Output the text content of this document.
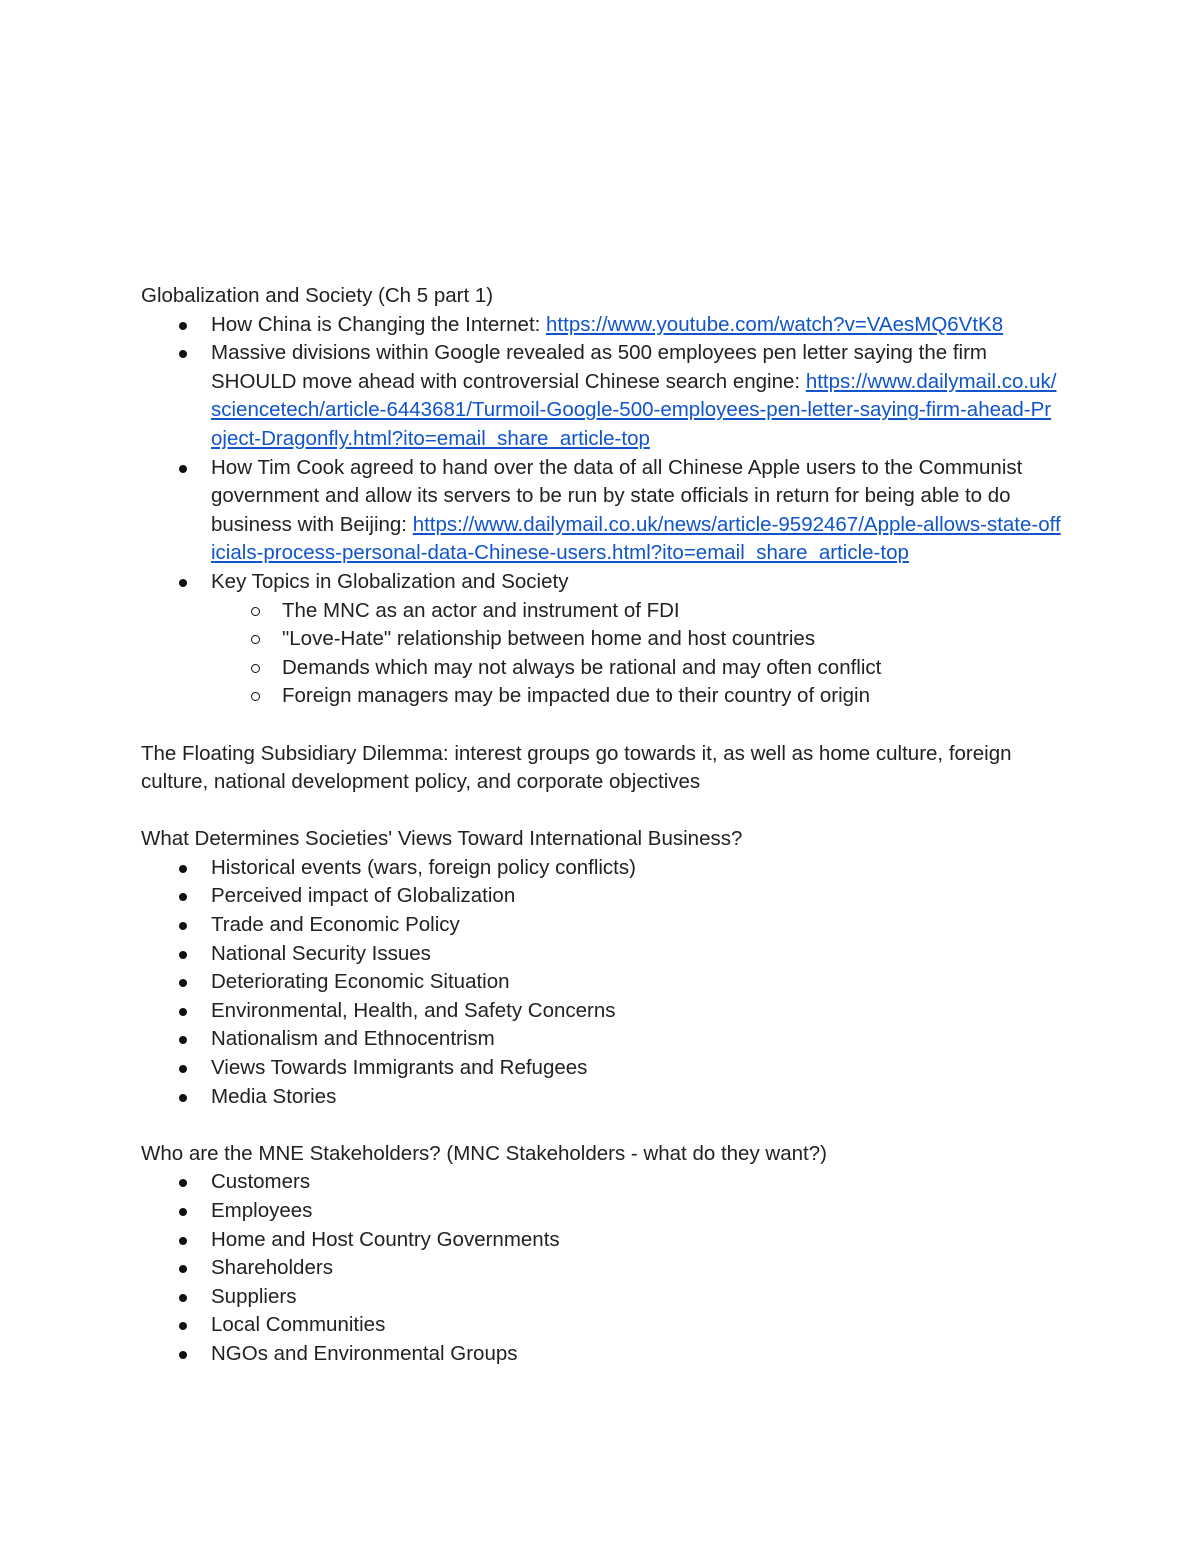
Globalization and Society (Ch 5 part 1)

How China is Changing the Internet: https://www.youtube.com/watch?v=VAesMQ6VtK8
Massive divisions within Google revealed as 500 employees pen letter saying the firm SHOULD move ahead with controversial Chinese search engine: https://www.dailymail.co.uk/sciencetech/article-6443681/Turmoil-Google-500-employees-pen-letter-saying-firm-ahead-Project-Dragonfly.html?ito=email_share_article-top
How Tim Cook agreed to hand over the data of all Chinese Apple users to the Communist government and allow its servers to be run by state officials in return for being able to do business with Beijing: https://www.dailymail.co.uk/news/article-9592467/Apple-allows-state-officials-process-personal-data-Chinese-users.html?ito=email_share_article-top
Key Topics in Globalization and Society
The MNC as an actor and instrument of FDI
"Love-Hate" relationship between home and host countries
Demands which may not always be rational and may often conflict
Foreign managers may be impacted due to their country of origin

The Floating Subsidiary Dilemma: interest groups go towards it, as well as home culture, foreign culture, national development policy, and corporate objectives

What Determines Societies' Views Toward International Business?

Historical events (wars, foreign policy conflicts)
Perceived impact of Globalization
Trade and Economic Policy
National Security Issues
Deteriorating Economic Situation
Environmental, Health, and Safety Concerns
Nationalism and Ethnocentrism
Views Towards Immigrants and Refugees
Media Stories

Who are the MNE Stakeholders? (MNC Stakeholders - what do they want?)

Customers
Employees
Home and Host Country Governments
Shareholders
Suppliers
Local Communities
NGOs and Environmental Groups
